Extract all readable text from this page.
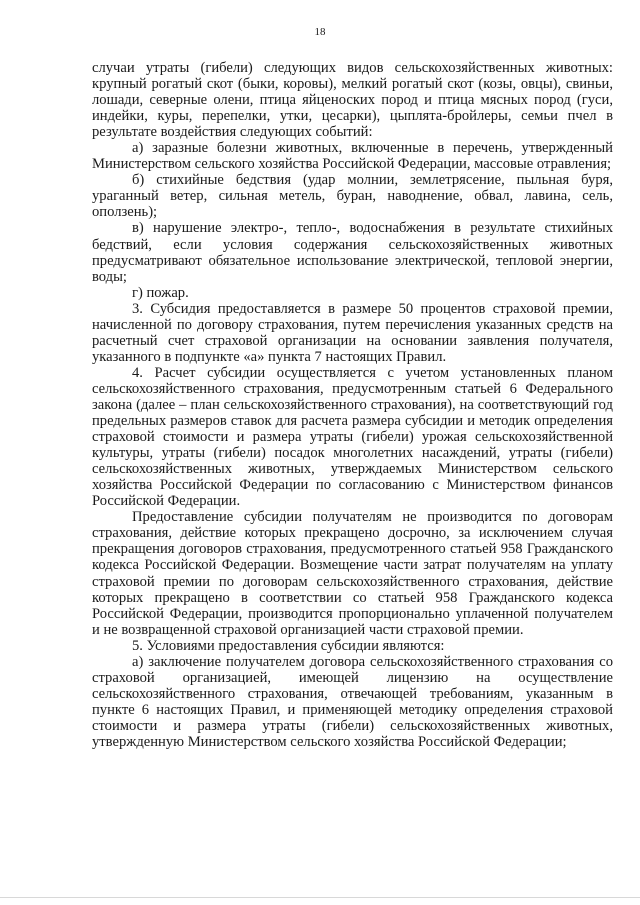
18

случаи утраты (гибели) следующих видов сельскохозяйственных животных: крупный рогатый скот (быки, коровы), мелкий рогатый скот (козы, овцы), свиньи, лошади, северные олени, птица яйценоских пород и птица мясных пород (гуси, индейки, куры, перепелки, утки, цесарки), цыплята-бройлеры, семьи пчел в результате воздействия следующих событий:

а) заразные болезни животных, включенные в перечень, утвержденный Министерством сельского хозяйства Российской Федерации, массовые отравления;

б) стихийные бедствия (удар молнии, землетрясение, пыльная буря, ураганный ветер, сильная метель, буран, наводнение, обвал, лавина, сель, оползень);

в) нарушение электро-, тепло-, водоснабжения в результате стихийных бедствий, если условия содержания сельскохозяйственных животных предусматривают обязательное использование электрической, тепловой энергии, воды;

г) пожар.

3. Субсидия предоставляется в размере 50 процентов страховой премии, начисленной по договору страхования, путем перечисления указанных средств на расчетный счет страховой организации на основании заявления получателя, указанного в подпункте «а» пункта 7 настоящих Правил.

4. Расчет субсидии осуществляется с учетом установленных планом сельскохозяйственного страхования, предусмотренным статьей 6 Федерального закона (далее – план сельскохозяйственного страхования), на соответствующий год предельных размеров ставок для расчета размера субсидии и методик определения страховой стоимости и размера утраты (гибели) урожая сельскохозяйственной культуры, утраты (гибели) посадок многолетних насаждений, утраты (гибели) сельскохозяйственных животных, утверждаемых Министерством сельского хозяйства Российской Федерации по согласованию с Министерством финансов Российской Федерации.

Предоставление субсидии получателям не производится по договорам страхования, действие которых прекращено досрочно, за исключением случая прекращения договоров страхования, предусмотренного статьей 958 Гражданского кодекса Российской Федерации. Возмещение части затрат получателям на уплату страховой премии по договорам сельскохозяйственного страхования, действие которых прекращено в соответствии со статьей 958 Гражданского кодекса Российской Федерации, производится пропорционально уплаченной получателем и не возвращенной страховой организацией части страховой премии.

5. Условиями предоставления субсидии являются:

а) заключение получателем договора сельскохозяйственного страхования со страховой организацией, имеющей лицензию на осуществление сельскохозяйственного страхования, отвечающей требованиям, указанным в пункте 6 настоящих Правил, и применяющей методику определения страховой стоимости и размера утраты (гибели) сельскохозяйственных животных, утвержденную Министерством сельского хозяйства Российской Федерации;
